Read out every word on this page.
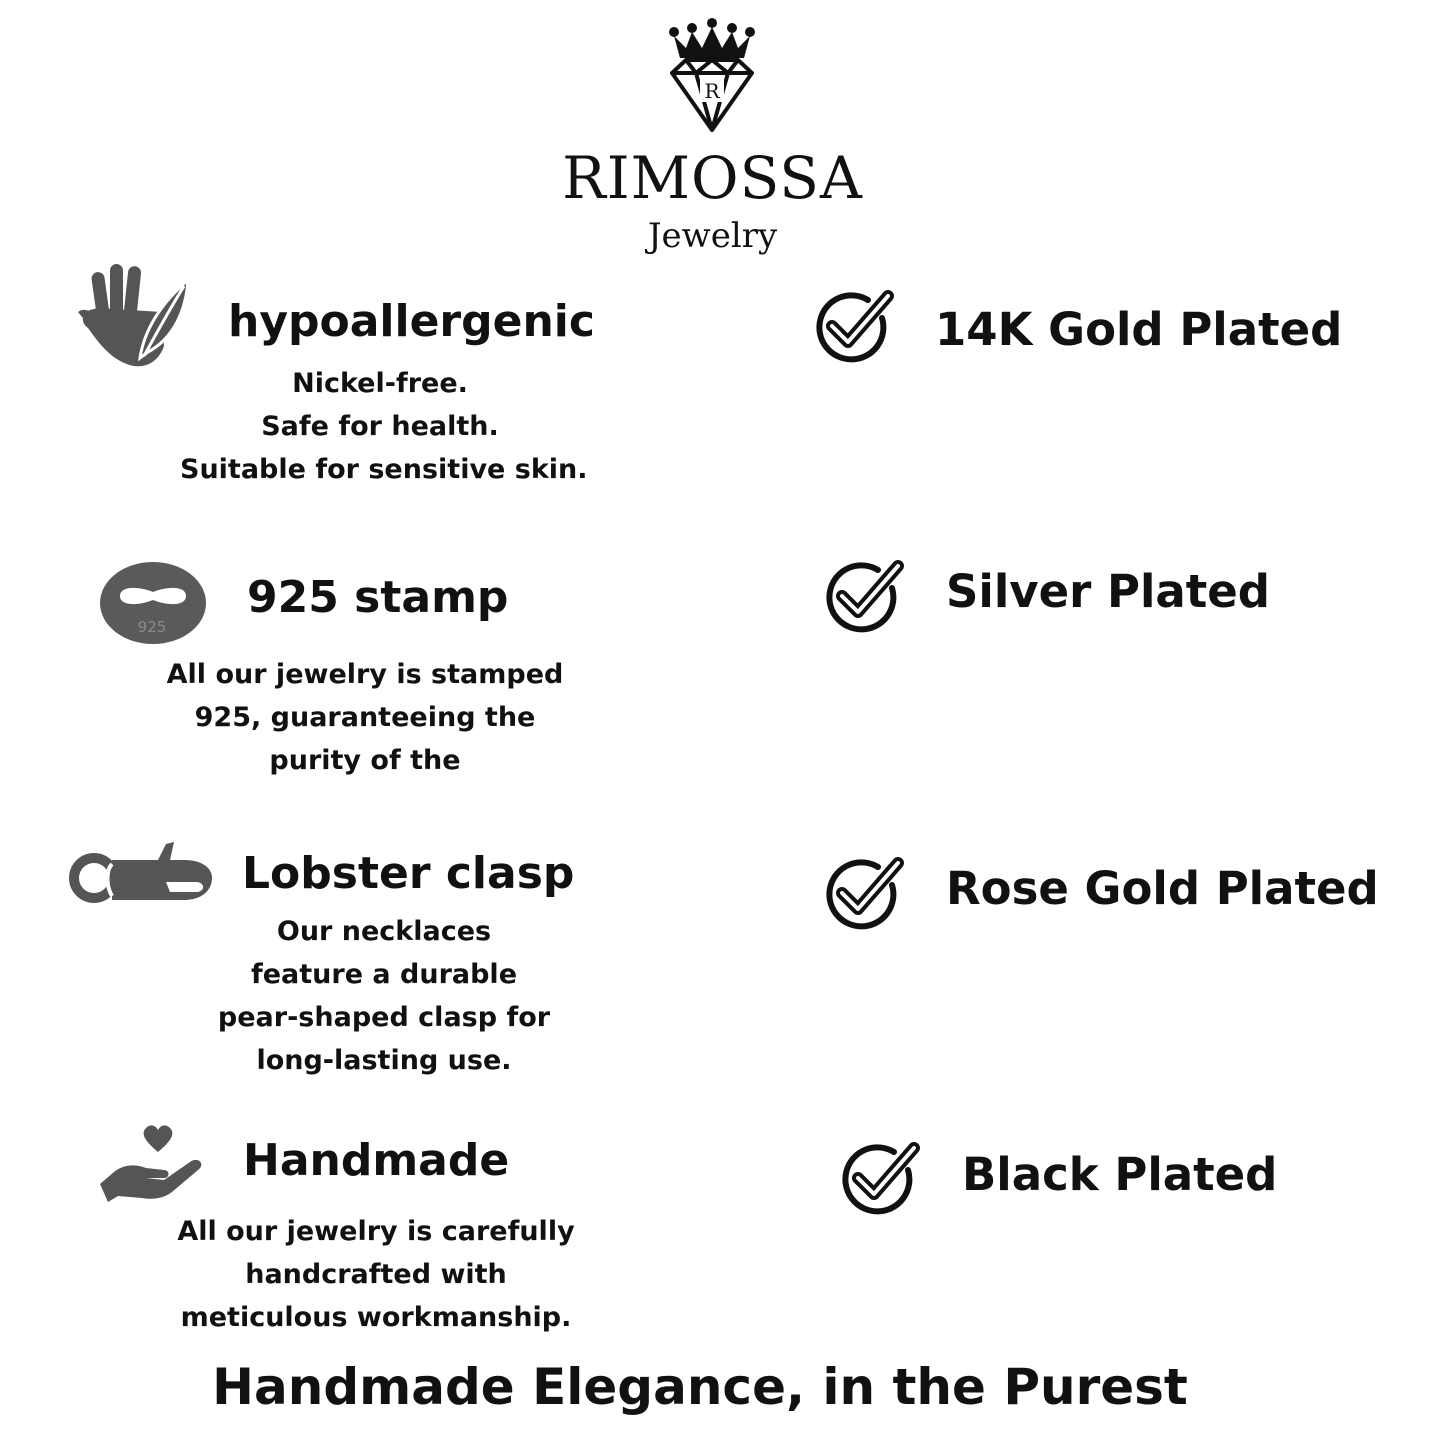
R
RIMOSSA
Jewelry
hypoallergenic
Nickel-free.
Safe for health.
Suitable for sensitive skin.
925
925 stamp
All our jewelry is stamped
925, guaranteeing the
purity of the
Lobster clasp
Our necklaces
feature a durable
pear-shaped clasp for
long-lasting use.
Handmade
All our jewelry is carefully
handcrafted with
meticulous workmanship.
14K Gold Plated
Silver Plated
Rose Gold Plated
Black Plated
Handmade Elegance, in the Purest
